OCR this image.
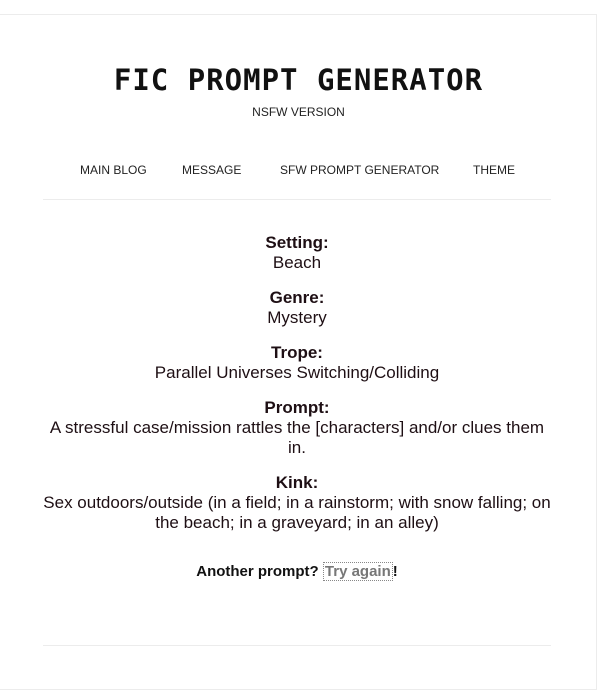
FIC PROMPT GENERATOR
NSFW VERSION
MAIN BLOG	MESSAGE	SFW PROMPT GENERATOR	THEME
Setting:
Beach
Genre:
Mystery
Trope:
Parallel Universes Switching/Colliding
Prompt:
A stressful case/mission rattles the [characters] and/or clues them in.
Kink:
Sex outdoors/outside (in a field; in a rainstorm; with snow falling; on the beach; in a graveyard; in an alley)
Another prompt? Try again !
